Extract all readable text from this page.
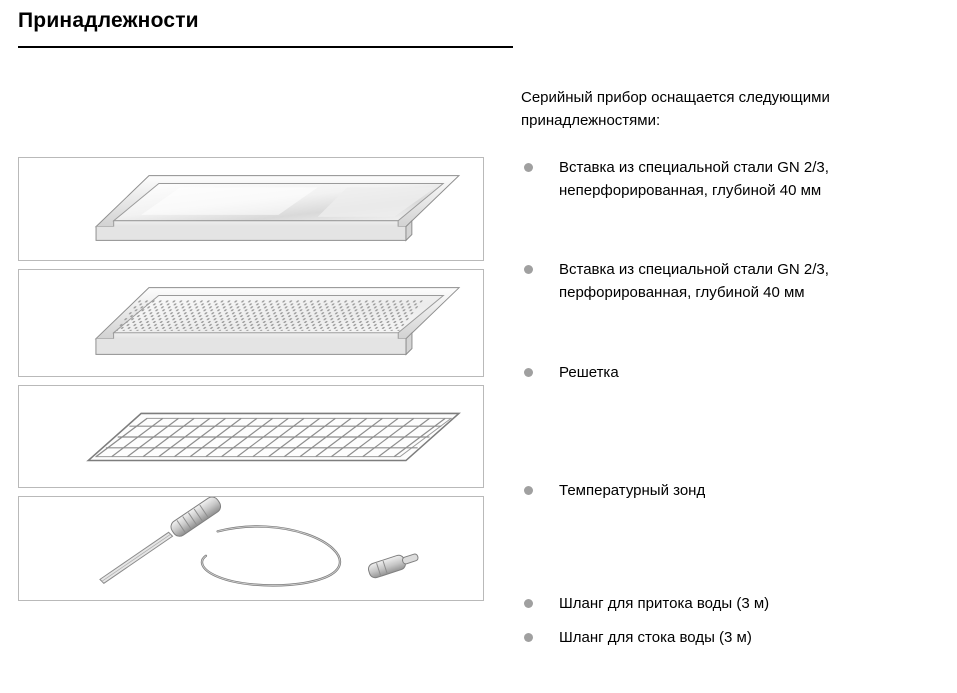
Принадлежности

Серийный прибор оснащается следующими принадлежностями:

Вставка из специальной стали GN 2/3, неперфорированная, глубиной 40 мм
Вставка из специальной стали GN 2/3, перфорированная, глубиной 40 мм
Решетка
Температурный зонд
Шланг для притока воды (3 м)
Шланг для стока воды (3 м)
